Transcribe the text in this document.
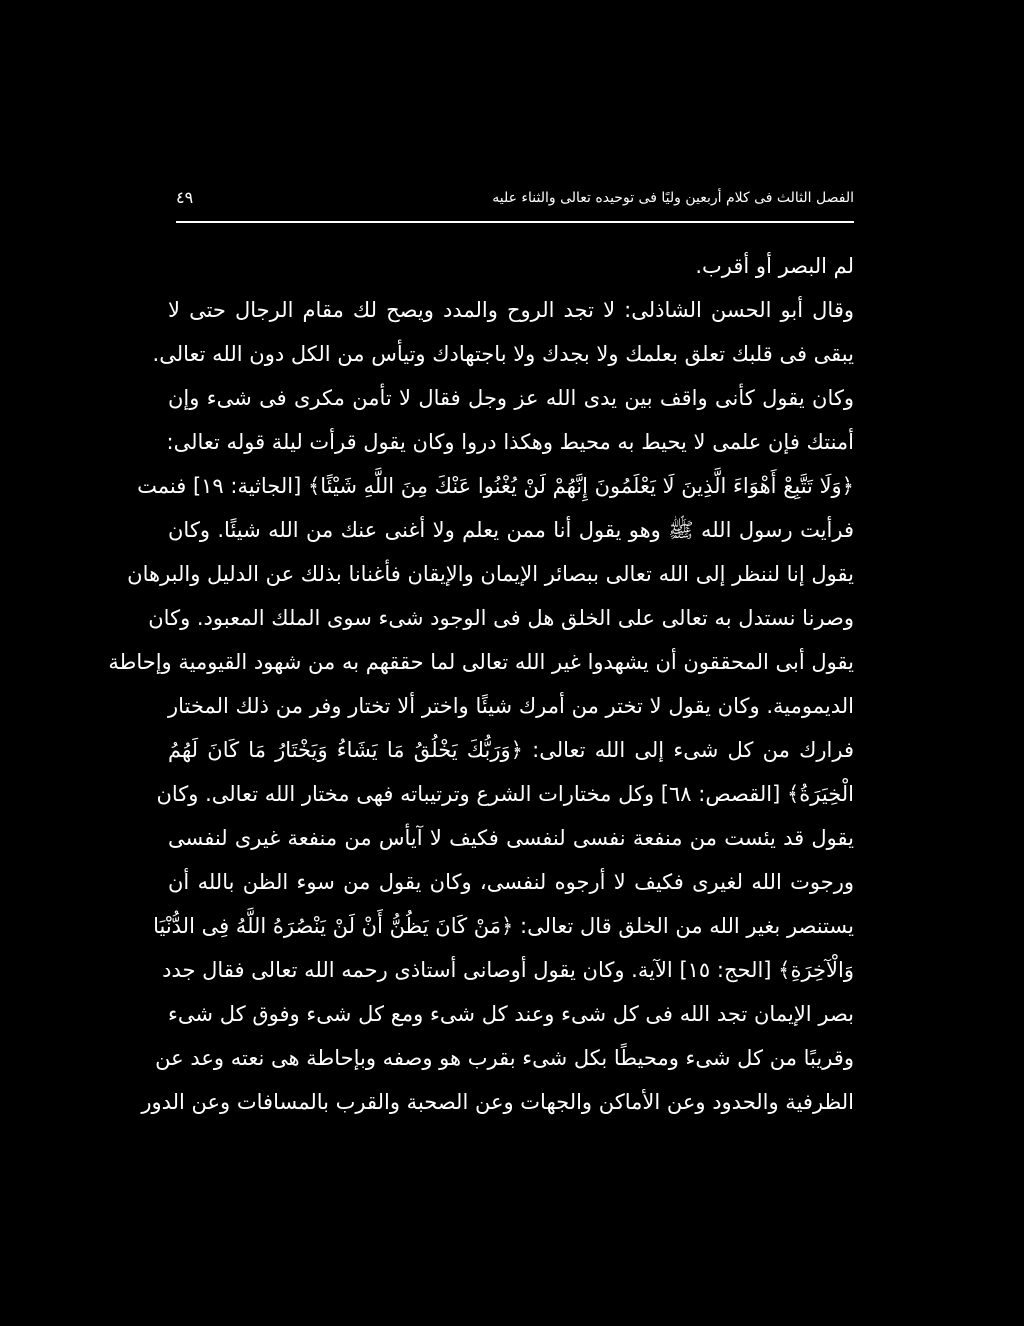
الفصل الثالث فى كلام أربعين وليًا فى توحيده تعالى والثناء عليه
٤٩
لم البصر أو أقرب.
وقال أبو الحسن الشاذلى: لا تجد الروح والمدد ويصح لك مقام الرجال حتى لا
يبقى فى قلبك تعلق بعلمك ولا بجدك ولا باجتهادك وتيأس من الكل دون الله تعالى.
وكان يقول كأنى واقف بين يدى الله عز وجل فقال لا تأمن مكرى فى شىء وإن
أمنتك فإن علمى لا يحيط به محيط وهكذا دروا وكان يقول قرأت ليلة قوله تعالى:
﴿وَلَا تَتَّبِعْ أَهْوَاءَ الَّذِينَ لَا يَعْلَمُونَ إِنَّهُمْ لَنْ يُغْنُوا عَنْكَ مِنَ اللَّهِ شَيْئًا﴾ [الجاثية: ١٩] فنمت
فرأيت رسول الله ﷺ وهو يقول أنا ممن يعلم ولا أغنى عنك من الله شيئًا. وكان
يقول إنا لننظر إلى الله تعالى ببصائر الإيمان والإيقان فأغنانا بذلك عن الدليل والبرهان
وصرنا نستدل به تعالى على الخلق هل فى الوجود شىء سوى الملك المعبود. وكان
يقول أبى المحققون أن يشهدوا غير الله تعالى لما حققهم به من شهود القيومية وإحاطة
الديمومية. وكان يقول لا تختر من أمرك شيئًا واختر ألا تختار وفر من ذلك المختار
فرارك من كل شىء إلى الله تعالى: ﴿وَرَبُّكَ يَخْلُقُ مَا يَشَاءُ وَيَخْتَارُ مَا كَانَ لَهُمُ
الْخِيَرَةُ﴾ [القصص: ٦٨] وكل مختارات الشرع وترتيباته فهى مختار الله تعالى. وكان
يقول قد يئست من منفعة نفسى لنفسى فكيف لا آيأس من منفعة غيرى لنفسى
ورجوت الله لغيرى فكيف لا أرجوه لنفسى، وكان يقول من سوء الظن بالله أن
يستنصر بغير الله من الخلق قال تعالى: ﴿مَنْ كَانَ يَظُنُّ أَنْ لَنْ يَنْصُرَهُ اللَّهُ فِى الدُّنْيَا
وَالْآخِرَةِ﴾ [الحج: ١٥] الآية. وكان يقول أوصانى أستاذى رحمه الله تعالى فقال جدد
بصر الإيمان تجد الله فى كل شىء وعند كل شىء ومع كل شىء وفوق كل شىء
وقريبًا من كل شىء ومحيطًا بكل شىء بقرب هو وصفه وبإحاطة هى نعته وعد عن
الظرفية والحدود وعن الأماكن والجهات وعن الصحبة والقرب بالمسافات وعن الدور
